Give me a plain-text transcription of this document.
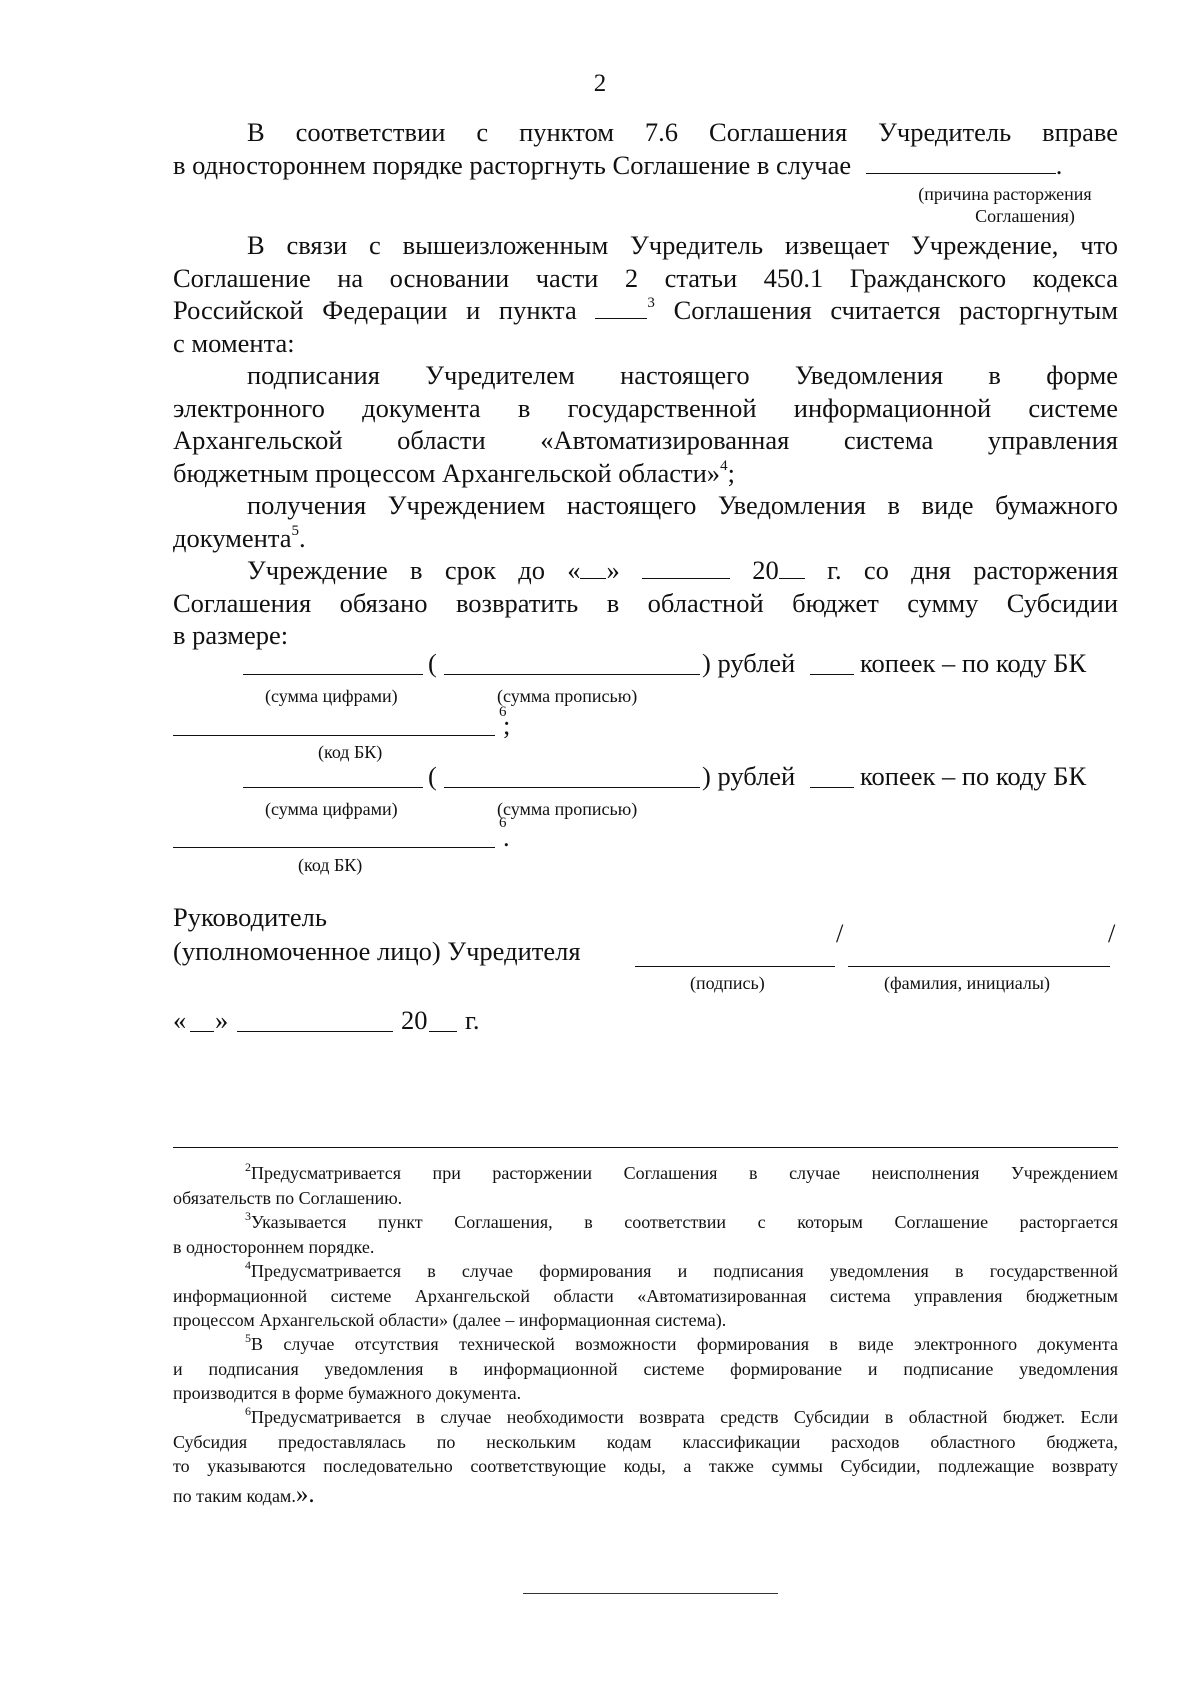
2
В соответствии с пунктом 7.6 Соглашения Учредитель вправе
в одностороннем порядке расторгнуть Соглашение в случае	.
(причина расторжения
Соглашения)
В связи с вышеизложенным Учредитель извещает Учреждение, что
Соглашение на основании части 2 статьи 450.1 Гражданского кодекса
Российской Федерации и пункта	$^3$ Соглашения считается расторгнутым
с момента:
подписания Учредителем настоящего Уведомления в форме
электронного документа в государственной информационной системе
Архангельской области «Автоматизированная система управления
бюджетным процессом Архангельской области»$^4$;
получения Учреждением настоящего Уведомления в виде бумажного
документа$^5$.
Учреждение в срок до « »	20 г. со дня расторжения
Соглашения обязано возвратить в областной бюджет сумму Субсидии
в размере:
(	) рублей копеек – по коду БК
(сумма цифрами)	(сумма прописью)
6
;
(код БК)
(	) рублей копеек – по коду БК
(сумма цифрами)	(сумма прописью)
6
.
(код БК)
Руководитель
(уполномоченное лицо) Учредителя
/	/
(подпись)	(фамилия, инициалы)
« »	20 г.
$^2$Предусматривается при расторжении Соглашения в случае неисполнения Учреждением
обязательств по Соглашению.
$^3$Указывается пункт Соглашения, в соответствии с которым Соглашение расторгается
в одностороннем порядке.
$^4$Предусматривается в случае формирования и подписания уведомления в государственной
информационной системе Архангельской области «Автоматизированная система управления бюджетным
процессом Архангельской области» (далее – информационная система).
$^5$В случае отсутствия технической возможности формирования в виде электронного документа
и подписания уведомления в информационной системе формирование и подписание уведомления
производится в форме бумажного документа.
$^6$Предусматривается в случае необходимости возврата средств Субсидии в областной бюджет. Если
Субсидия предоставлялась по нескольким кодам классификации расходов областного бюджета,
то указываются последовательно соответствующие коды, а также суммы Субсидии, подлежащие возврату
по таким кодам.».
